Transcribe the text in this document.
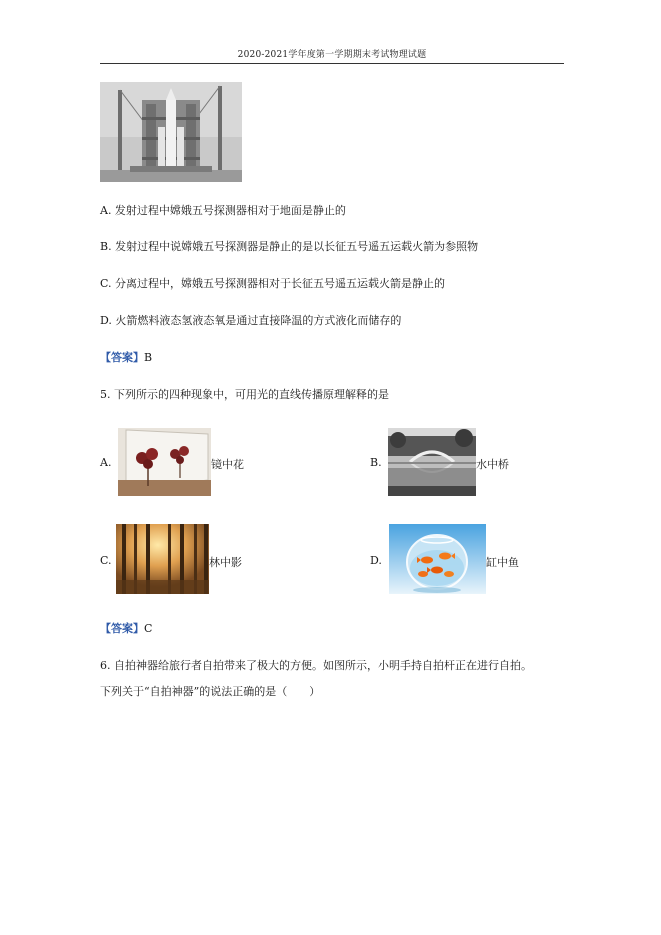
2020-2021学年度第一学期期末考试物理试题
A. 发射过程中嫦娥五号探测器相对于地面是静止的
B. 发射过程中说嫦娥五号探测器是静止的是以长征五号遥五运载火箭为参照物
C. 分离过程中，嫦娥五号探测器相对于长征五号遥五运载火箭是静止的
D. 火箭燃料液态氢液态氧是通过直接降温的方式液化而储存的
【答案】B
5. 下列所示的四种现象中，可用光的直线传播原理解释的是
A.	镜中花	B.	水中桥
C.	林中影	D.	缸中鱼
【答案】C
6. 自拍神器给旅行者自拍带来了极大的方便。如图所示，小明手持自拍杆正在进行自拍。
下列关于“自拍神器”的说法正确的是（　　）
